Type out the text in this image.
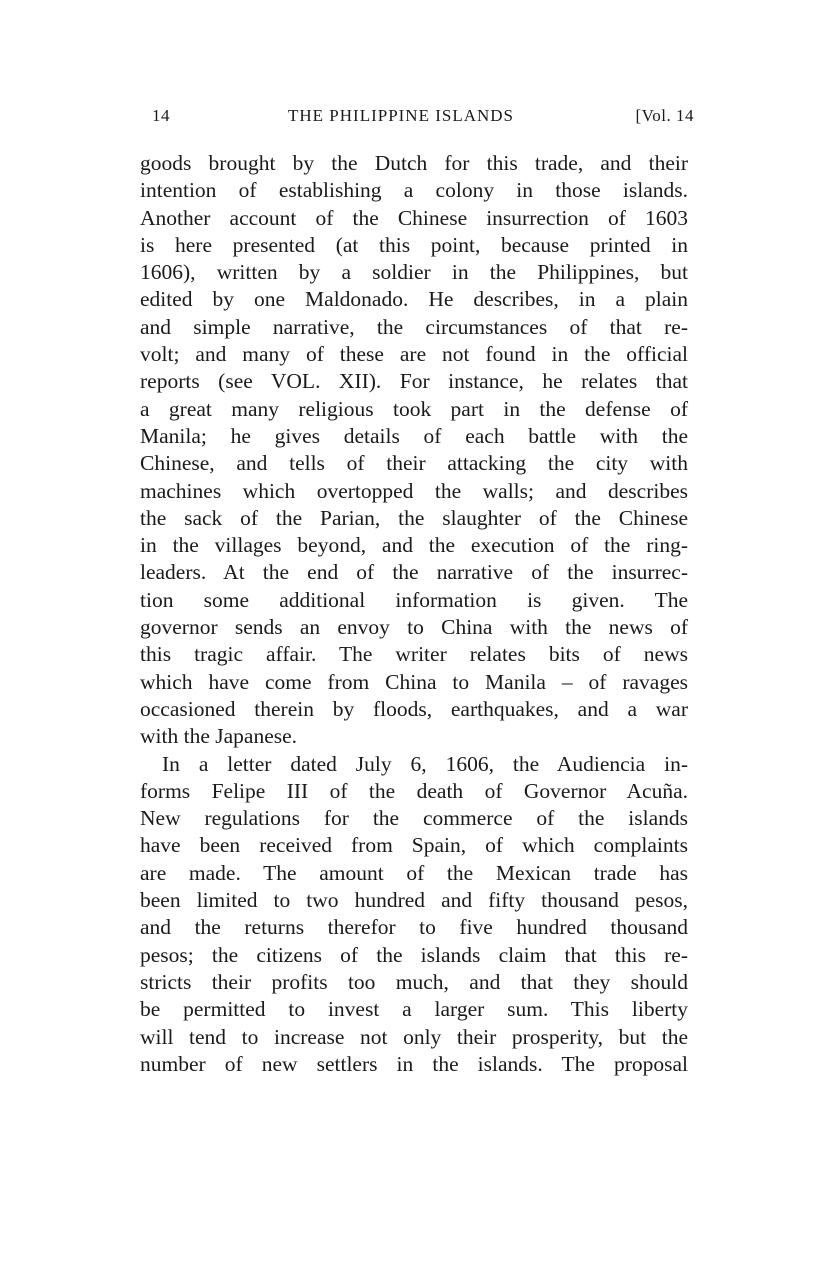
14	THE PHILIPPINE ISLANDS	[Vol. 14
goods brought by the Dutch for this trade, and their
intention of establishing a colony in those islands.
Another account of the Chinese insurrection of 1603
is here presented (at this point, because printed in
1606), written by a soldier in the Philippines, but
edited by one Maldonado. He describes, in a plain
and simple narrative, the circumstances of that re-
volt; and many of these are not found in the official
reports (see VOL. XII). For instance, he relates that
a great many religious took part in the defense of
Manila; he gives details of each battle with the
Chinese, and tells of their attacking the city with
machines which overtopped the walls; and describes
the sack of the Parian, the slaughter of the Chinese
in the villages beyond, and the execution of the ring-
leaders. At the end of the narrative of the insurrec-
tion some additional information is given. The
governor sends an envoy to China with the news of
this tragic affair. The writer relates bits of news
which have come from China to Manila – of ravages
occasioned therein by floods, earthquakes, and a war
with the Japanese.
In a letter dated July 6, 1606, the Audiencia in-
forms Felipe III of the death of Governor Acuña.
New regulations for the commerce of the islands
have been received from Spain, of which complaints
are made. The amount of the Mexican trade has
been limited to two hundred and fifty thousand pesos,
and the returns therefor to five hundred thousand
pesos; the citizens of the islands claim that this re-
stricts their profits too much, and that they should
be permitted to invest a larger sum. This liberty
will tend to increase not only their prosperity, but the
number of new settlers in the islands. The proposal
